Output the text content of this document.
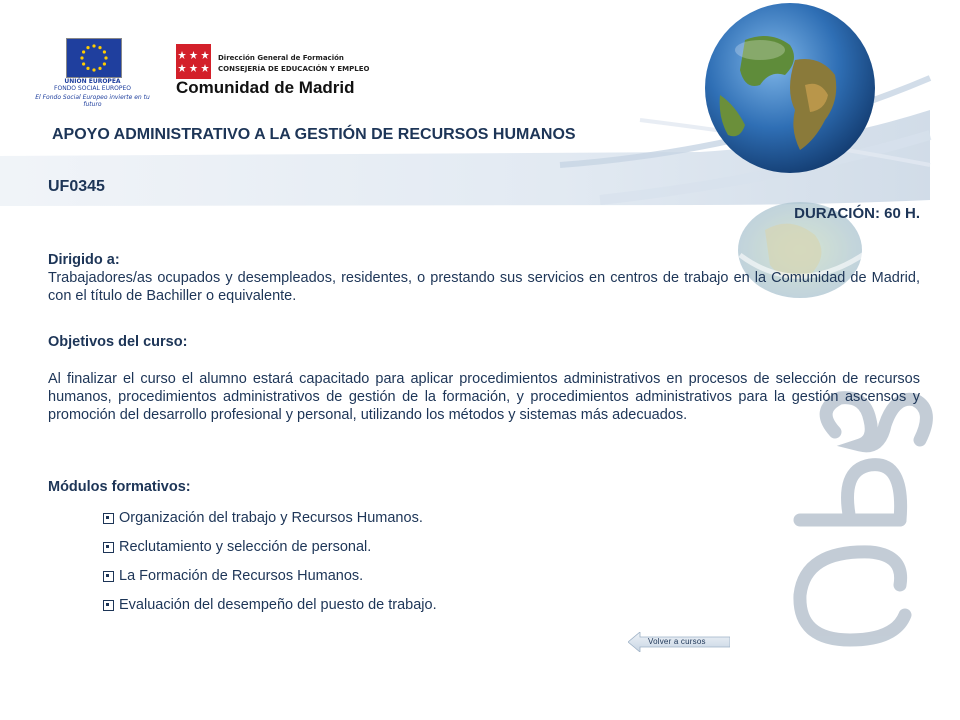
UNIÓN EUROPEA
FONDO SOCIAL EUROPEO
El Fondo Social Europeo invierte en tu futuro
Dirección General de Formación
CONSEJERÍA DE EDUCACIÓN Y EMPLEO
Comunidad de Madrid
APOYO ADMINISTRATIVO A LA GESTIÓN DE RECURSOS HUMANOS
UF0345
DURACIÓN: 60 H.

Dirigido a:

Trabajadores/as ocupados y desempleados, residentes, o prestando sus servicios en centros de trabajo en la Comunidad de Madrid, con el título de Bachiller o equivalente.

Objetivos del curso:

Al finalizar el curso el alumno estará capacitado para aplicar procedimientos administrativos en procesos de selección de recursos humanos, procedimientos administrativos de gestión de la formación, y procedimientos administrativos para la gestión ascensos y promoción del desarrollo profesional y personal, utilizando los métodos y sistemas más adecuados.

Módulos formativos:

Organización del trabajo y Recursos Humanos.
Reclutamiento y selección de personal.
La Formación de Recursos Humanos.
Evaluación del desempeño del puesto de trabajo.
Volver a cursos
